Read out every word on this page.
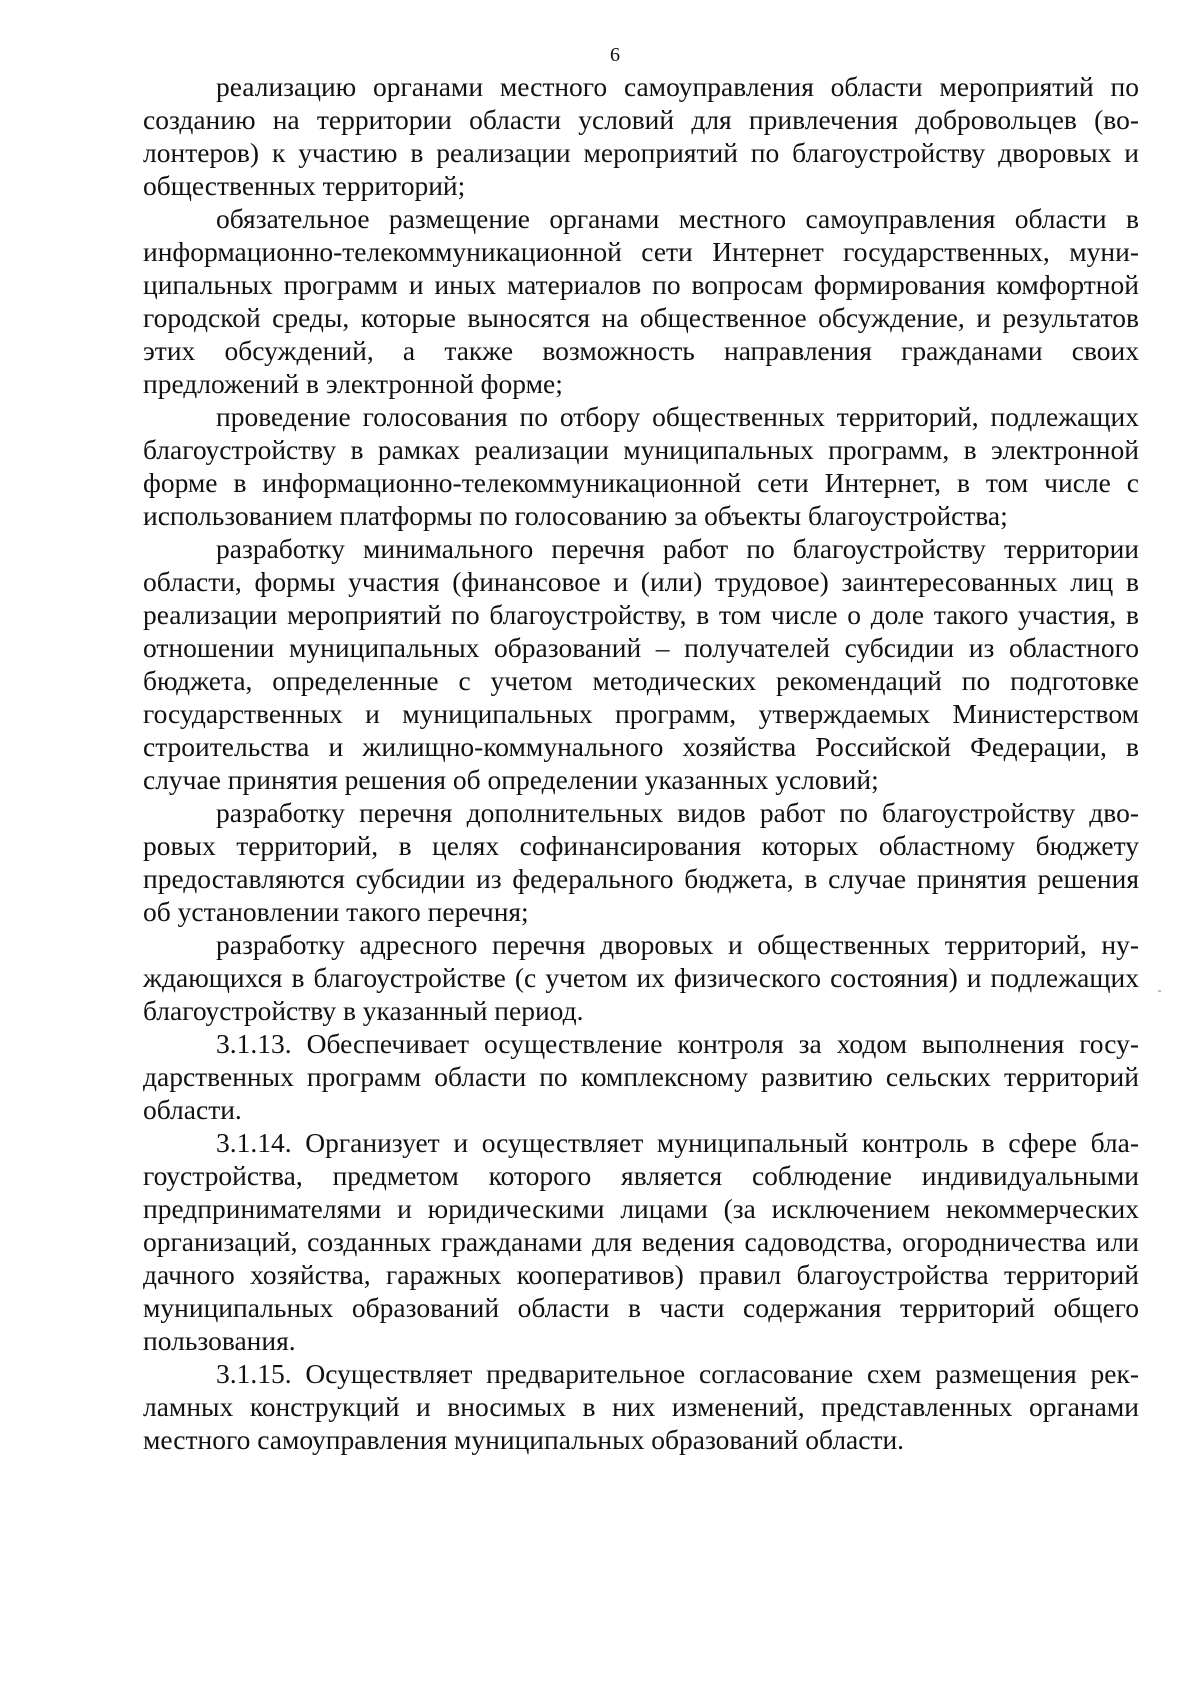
6

реализацию органами местного самоуправления области мероприятий по созданию на территории области условий для привлечения добровольцев (волонтеров) к участию в реализации мероприятий по благоустройству дворовых и общественных территорий;

обязательное размещение органами местного самоуправления области в информационно-телекоммуникационной сети Интернет государственных, муниципальных программ и иных материалов по вопросам формирования комфортной городской среды, которые выносятся на общественное обсуждение, и результатов этих обсуждений, а также возможность направления гражданами своих предложений в электронной форме;

проведение голосования по отбору общественных территорий, подлежащих благоустройству в рамках реализации муниципальных программ, в электронной форме в информационно-телекоммуникационной сети Интернет, в том числе с использованием платформы по голосованию за объекты благоустройства;

разработку минимального перечня работ по благоустройству территории области, формы участия (финансовое и (или) трудовое) заинтересованных лиц в реализации мероприятий по благоустройству, в том числе о доле такого участия, в отношении муниципальных образований – получателей субсидии из областного бюджета, определенные с учетом методических рекомендаций по подготовке государственных и муниципальных программ, утверждаемых Министерством строительства и жилищно-коммунального хозяйства Российской Федерации, в случае принятия решения об определении указанных условий;

разработку перечня дополнительных видов работ по благоустройству дворовых территорий, в целях софинансирования которых областному бюджету предоставляются субсидии из федерального бюджета, в случае принятия решения об установлении такого перечня;

разработку адресного перечня дворовых и общественных территорий, нуждающихся в благоустройстве (с учетом их физического состояния) и подлежащих благоустройству в указанный период.

3.1.13. Обеспечивает осуществление контроля за ходом выполнения государственных программ области по комплексному развитию сельских территорий области.

3.1.14. Организует и осуществляет муниципальный контроль в сфере благоустройства, предметом которого является соблюдение индивидуальными предпринимателями и юридическими лицами (за исключением некоммерческих организаций, созданных гражданами для ведения садоводства, огородничества или дачного хозяйства, гаражных кооперативов) правил благоустройства территорий муниципальных образований области в части содержания территорий общего пользования.

3.1.15. Осуществляет предварительное согласование схем размещения рекламных конструкций и вносимых в них изменений, представленных органами местного самоуправления муниципальных образований области.
